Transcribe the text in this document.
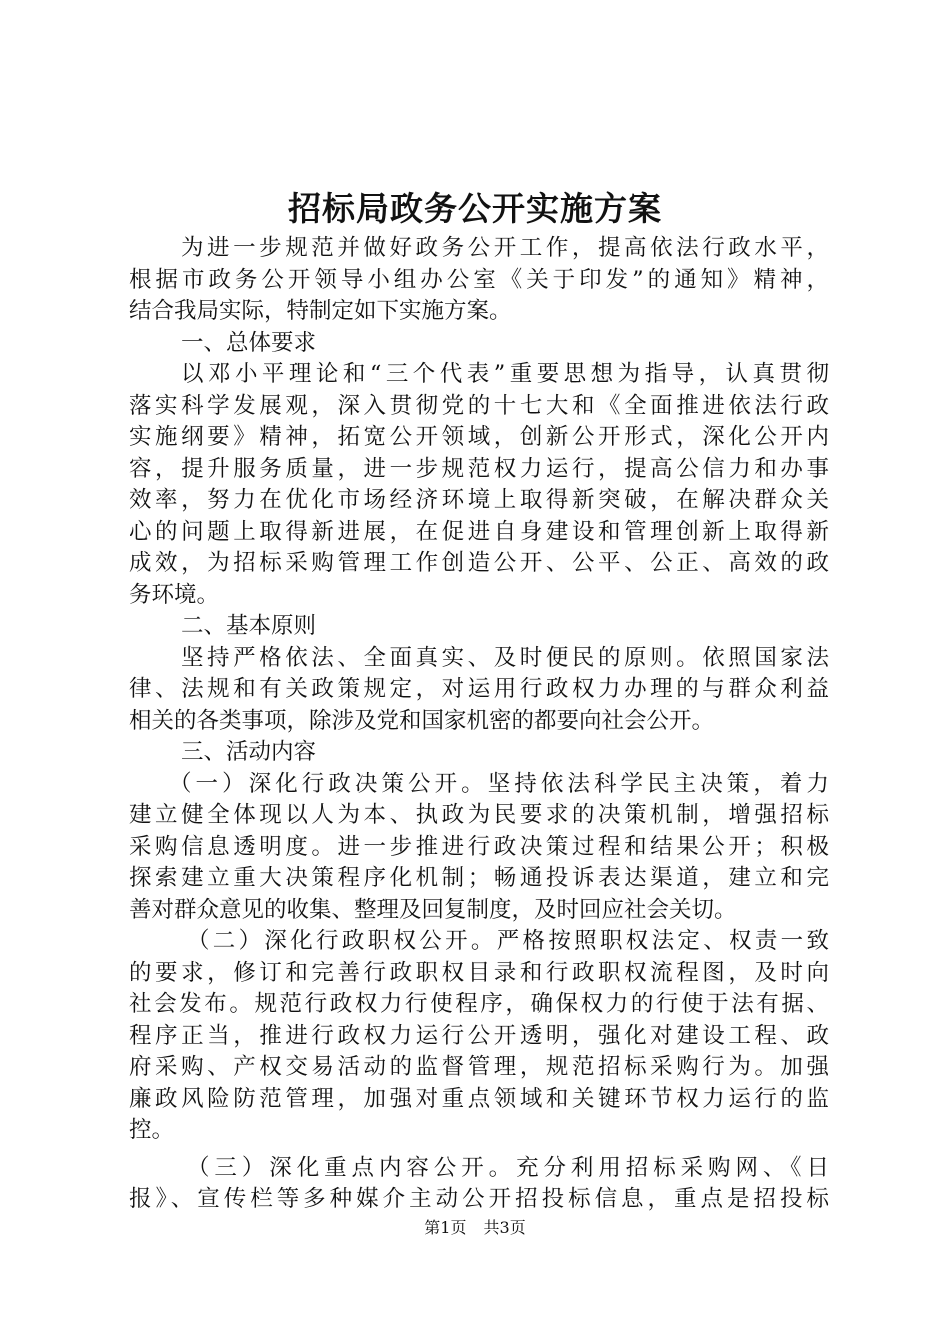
招标局政务公开实施方案
为进一步规范并做好政务公开工作，提高依法行政水平，
根据市政务公开领导小组办公室《关于印发”的通知》精神，
结合我局实际，特制定如下实施方案。
一、总体要求
以邓小平理论和“三个代表”重要思想为指导，认真贯彻
落实科学发展观，深入贯彻党的十七大和《全面推进依法行政
实施纲要》精神，拓宽公开领域，创新公开形式，深化公开内
容，提升服务质量，进一步规范权力运行，提高公信力和办事
效率，努力在优化市场经济环境上取得新突破，在解决群众关
心的问题上取得新进展，在促进自身建设和管理创新上取得新
成效，为招标采购管理工作创造公开、公平、公正、高效的政
务环境。
二、基本原则
坚持严格依法、全面真实、及时便民的原则。依照国家法
律、法规和有关政策规定，对运用行政权力办理的与群众利益
相关的各类事项，除涉及党和国家机密的都要向社会公开。
三、活动内容
（一）深化行政决策公开。坚持依法科学民主决策，着力
建立健全体现以人为本、执政为民要求的决策机制，增强招标
采购信息透明度。进一步推进行政决策过程和结果公开；积极
探索建立重大决策程序化机制；畅通投诉表达渠道，建立和完
善对群众意见的收集、整理及回复制度，及时回应社会关切。
（二）深化行政职权公开。严格按照职权法定、权责一致
的要求，修订和完善行政职权目录和行政职权流程图，及时向
社会发布。规范行政权力行使程序，确保权力的行使于法有据、
程序正当，推进行政权力运行公开透明，强化对建设工程、政
府采购、产权交易活动的监督管理，规范招标采购行为。加强
廉政风险防范管理，加强对重点领域和关键环节权力运行的监
控。
（三）深化重点内容公开。充分利用招标采购网、《日
报》、宣传栏等多种媒介主动公开招投标信息，重点是招投标
第1页 共3页
